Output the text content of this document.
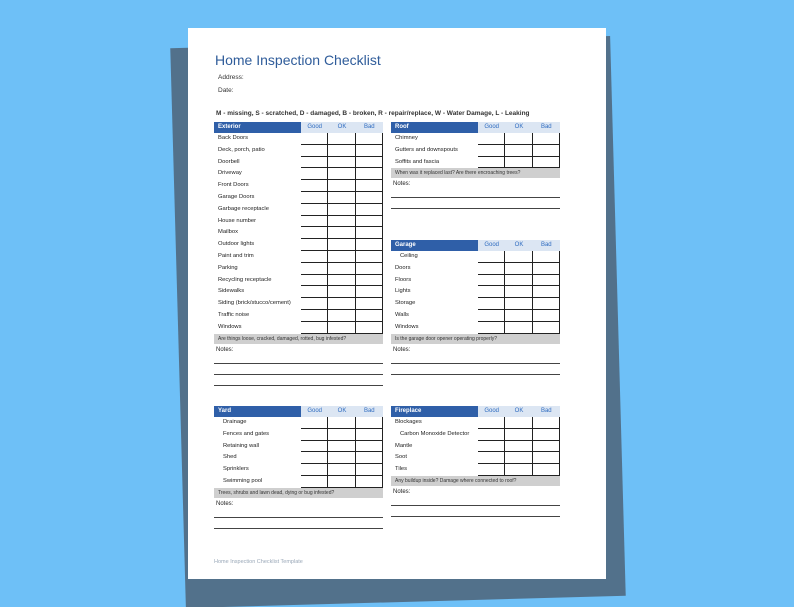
Home Inspection Checklist
Address:
Date:
M - missing, S - scratched, D - damaged, B - broken, R - repair/replace, W - Water Damage, L - Leaking
Exterior	Good	OK	Bad
Back Doors
Deck, porch, patio
Doorbell
Driveway
Front Doors
Garage Doors
Garbage receptacle
House number
Mailbox
Outdoor lights
Paint and trim
Parking
Recycling receptacle
Sidewalks
Siding (brick/stucco/cement)
Traffic noise
Windows
Are things loose, cracked, damaged, rotted, bug infested?
Notes:
Roof	Good	OK	Bad
Chimney
Gutters and downspouts
Soffits and fascia
When was it replaced last? Are there encroaching trees?
Notes:
Garage	Good	OK	Bad
Ceiling
Doors
Floors
Lights
Storage
Walls
Windows
Is the garage door opener operating properly?
Notes:
Yard	Good	OK	Bad
Drainage
Fences and gates
Retaining wall
Shed
Sprinklers
Swimming pool
Trees, shrubs and lawn dead, dying or bug infested?
Notes:
Fireplace	Good	OK	Bad
Blockages
Carbon Monoxide Detector
Mantle
Soot
Tiles
Any buildup inside? Damage where connected to roof?
Notes:
Home Inspection Checklist Template
